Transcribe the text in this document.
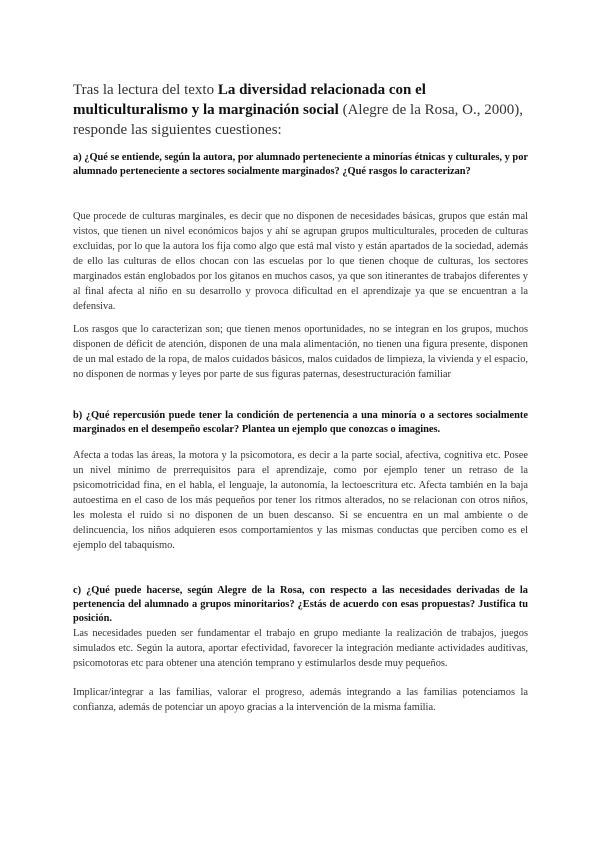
Tras la lectura del texto La diversidad relacionada con el multiculturalismo y la marginación social (Alegre de la Rosa, O., 2000), responde las siguientes cuestiones:
a) ¿Qué se entiende, según la autora, por alumnado perteneciente a minorías étnicas y culturales, y por alumnado perteneciente a sectores socialmente marginados? ¿Qué rasgos lo caracterizan?
Que procede de culturas marginales, es decir que no disponen de necesidades básicas, grupos que están mal vistos, que tienen un nivel económicos bajos y ahí se agrupan grupos multiculturales, proceden de culturas excluidas, por lo que la autora los fija como algo que está mal visto y están apartados de la sociedad, además de ello las culturas de ellos chocan con las escuelas por lo que tienen choque de culturas, los sectores marginados están englobados por los gitanos en muchos casos, ya que son itinerantes de trabajos diferentes y al final afecta al niño en su desarrollo y provoca dificultad en el aprendizaje ya que se encuentran a la defensiva.
Los rasgos que lo caracterizan son; que tienen menos oportunidades, no se integran en los grupos, muchos disponen de déficit de atención, disponen de una mala alimentación, no tienen una figura presente, disponen de un mal estado de la ropa, de malos cuidados básicos, malos cuidados de limpieza, la vivienda y el espacio, no disponen de normas y leyes por parte de sus figuras paternas, desestructuración familiar
b) ¿Qué repercusión puede tener la condición de pertenencia a una minoría o a sectores socialmente marginados en el desempeño escolar? Plantea un ejemplo que conozcas o imagines.
Afecta a todas las áreas, la motora y la psicomotora, es decir a la parte social, afectiva, cognitiva etc. Posee un nivel mínimo de prerrequisitos para el aprendizaje, como por ejemplo tener un retraso de la psicomotricidad fina, en el habla, el lenguaje, la autonomía, la lectoescritura etc. Afecta también en la baja autoestima en el caso de los más pequeños por tener los ritmos alterados, no se relacionan con otros niños, les molesta el ruido si no disponen de un buen descanso. Si se encuentra en un mal ambiente o de delincuencia, los niños adquieren esos comportamientos y las mismas conductas que perciben como es el ejemplo del tabaquismo.
c) ¿Qué puede hacerse, según Alegre de la Rosa, con respecto a las necesidades derivadas de la pertenencia del alumnado a grupos minoritarios? ¿Estás de acuerdo con esas propuestas? Justifica tu posición.
Las necesidades pueden ser fundamentar el trabajo en grupo mediante la realización de trabajos, juegos simulados etc. Según la autora, aportar efectividad, favorecer la integración mediante actividades auditivas, psicomotoras etc para obtener una atención temprano y estimularlos desde muy pequeños.
Implicar/integrar a las familias, valorar el progreso, además integrando a las familias potenciamos la confianza, además de potenciar un apoyo gracias a la intervención de la misma familia.
